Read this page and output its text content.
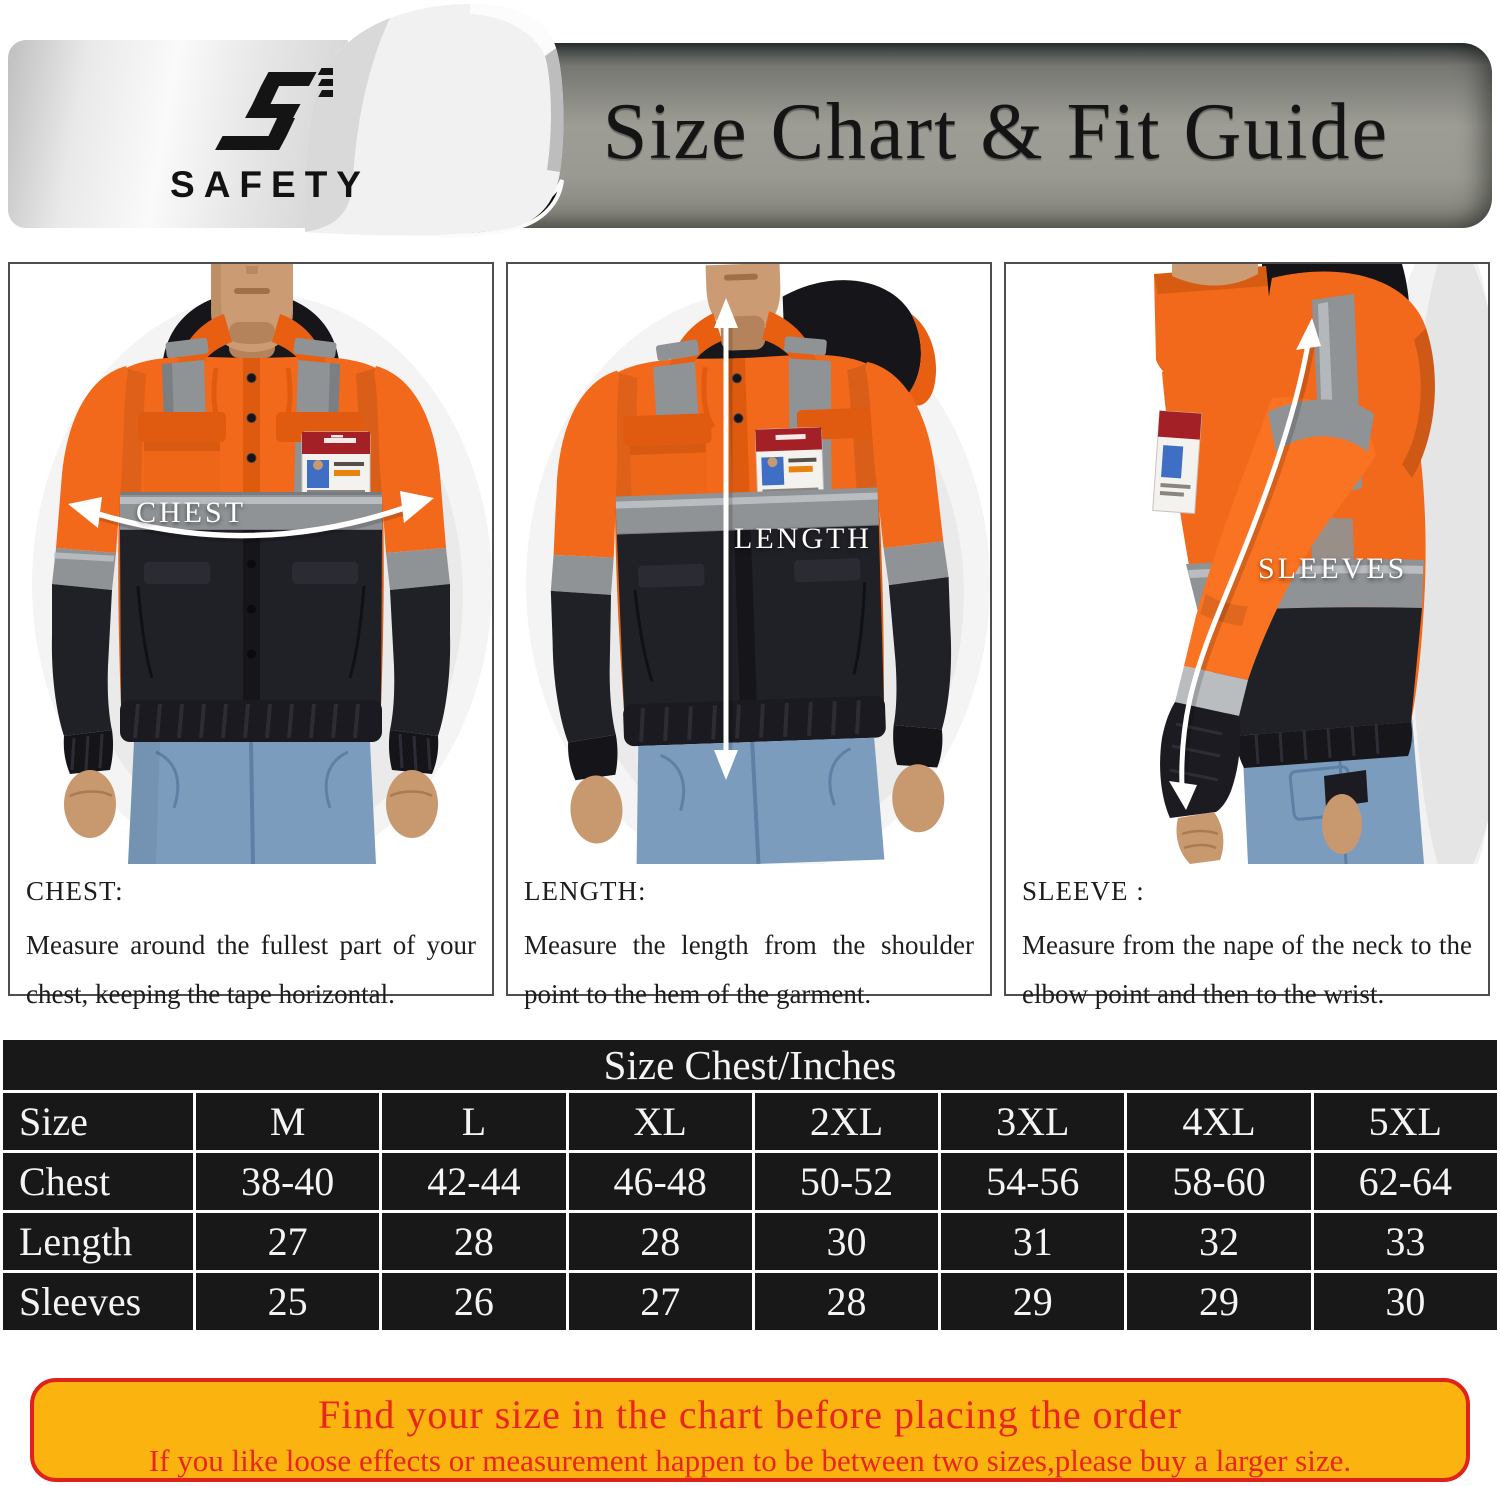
Size Chart & Fit Guide
SAFETY
CHEST
CHEST:

Measure around the fullest part of your chest, keeping the tape horizontal.

LENGTH
LENGTH:

Measure the length from the shoulder point to the hem of the garment.

SLEEVES
SLEEVE :

Measure from the nape of the neck to the elbow point and then to the wrist.

Size Chest/Inches							
Size	M	L	XL	2XL	3XL	4XL	5XL
Chest	38-40	42-44	46-48	50-52	54-56	58-60	62-64
Length	27	28	28	30	31	32	33
Sleeves	25	26	27	28	29	29	30
Find your size in the chart before placing the order
If you like loose effects or measurement happen to be between two sizes,please buy a larger size.
